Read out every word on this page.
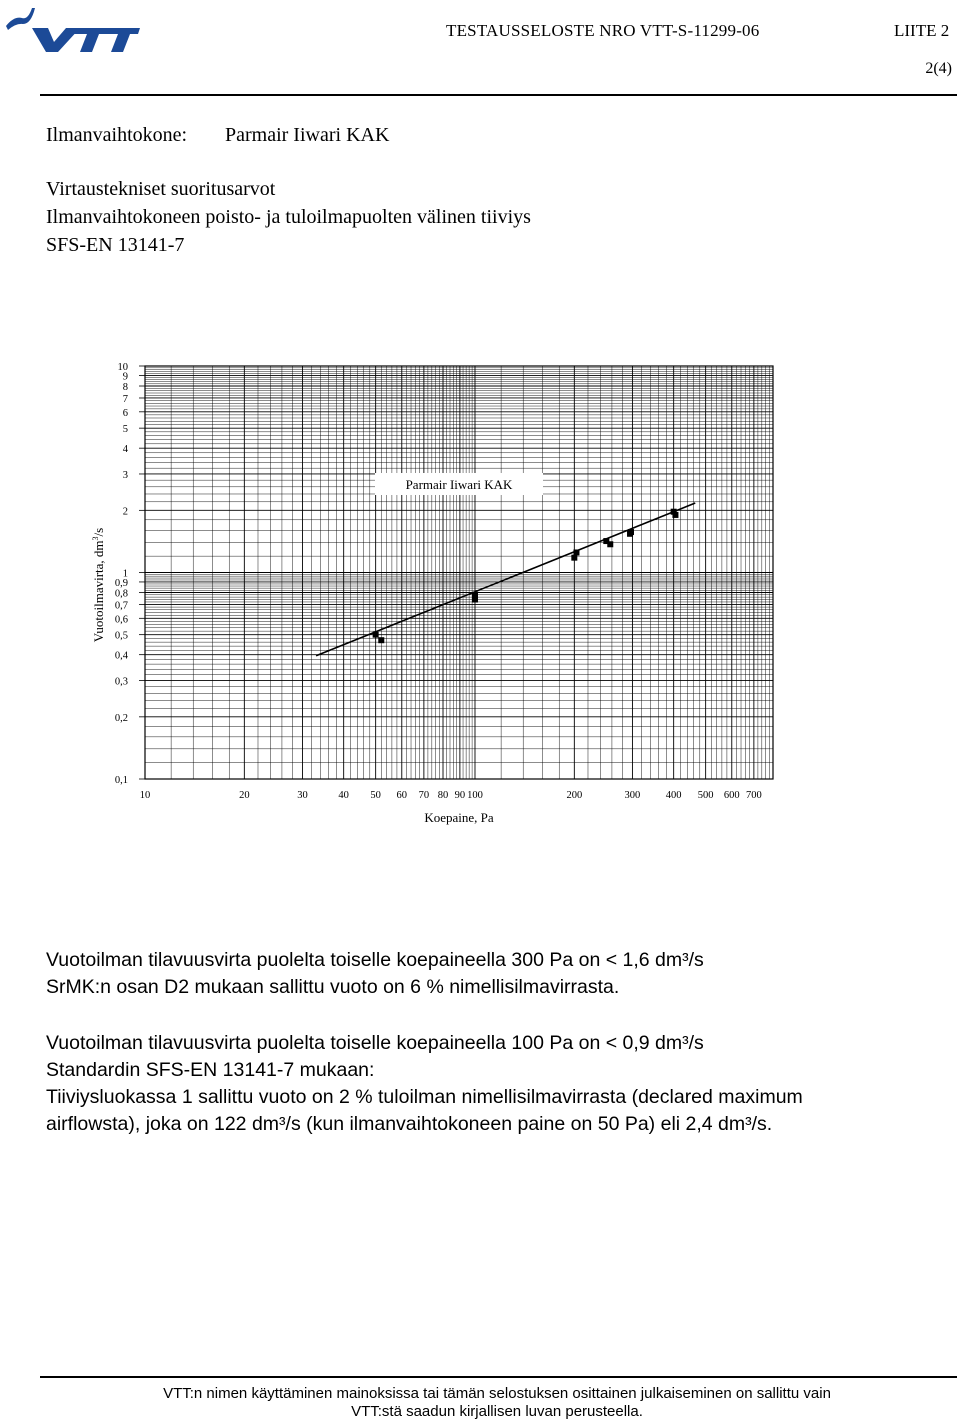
TESTAUSSELOSTE NRO VTT-S-11299-06	LIITE 2
2(4)
Ilmanvaihtokone: Parmair Iiwari KAK
Virtaustekniset suoritusarvot
Ilmanvaihtokoneen poisto- ja tuloilmapuolten välinen tiiviys
SFS-EN 13141-7
10
9
8
7
6
5
4
3
2
1
0,9
0,8
0,7
0,6
0,5
0,4
0,3
0,2
0,1
10	20	30	40 50 60 70 80 90 100	200	300 400 500 600 700
Parmair Iiwari KAK
Koepaine, Pa
Vuotoilmavirta, $dm^3/s$
Vuotoilman tilavuusvirta puolelta toiselle koepaineella 300 Pa on < 1,6 dm³/s
SrMK:n osan D2 mukaan sallittu vuoto on 6 % nimellisilmavirrasta.
Vuotoilman tilavuusvirta puolelta toiselle koepaineella 100 Pa on < 0,9 dm³/s
Standardin SFS-EN 13141-7 mukaan:
Tiiviysluokassa 1 sallittu vuoto on 2 % tuloilman nimellisilmavirrasta (declared maximum
airflowsta), joka on 122 dm³/s (kun ilmanvaihtokoneen paine on 50 Pa) eli 2,4 dm³/s.
VTT:n nimen käyttäminen mainoksissa tai tämän selostuksen osittainen julkaiseminen on sallittu vain
VTT:stä saadun kirjallisen luvan perusteella.
